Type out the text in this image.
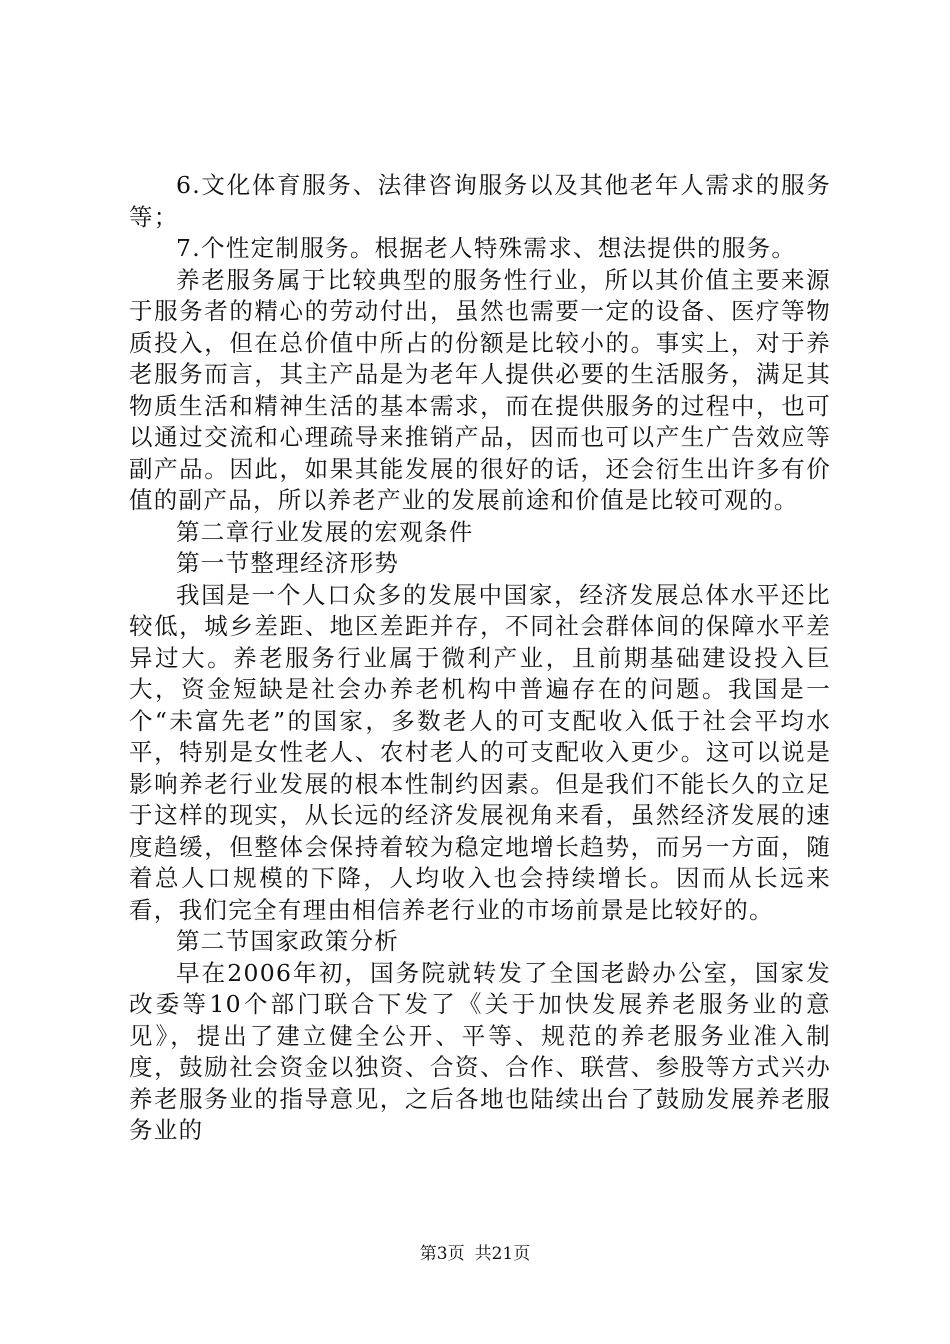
6.文化体育服务、法律咨询服务以及其他老年人需求的服务等；

7.个性定制服务。根据老人特殊需求、想法提供的服务。

养老服务属于比较典型的服务性行业，所以其价值主要来源于服务者的精心的劳动付出，虽然也需要一定的设备、医疗等物质投入，但在总价值中所占的份额是比较小的。事实上，对于养老服务而言，其主产品是为老年人提供必要的生活服务，满足其物质生活和精神生活的基本需求，而在提供服务的过程中，也可以通过交流和心理疏导来推销产品，因而也可以产生广告效应等副产品。因此，如果其能发展的很好的话，还会衍生出许多有价值的副产品，所以养老产业的发展前途和价值是比较可观的。

第二章行业发展的宏观条件

第一节整理经济形势

我国是一个人口众多的发展中国家，经济发展总体水平还比较低，城乡差距、地区差距并存，不同社会群体间的保障水平差异过大。养老服务行业属于微利产业，且前期基础建设投入巨大，资金短缺是社会办养老机构中普遍存在的问题。我国是一个“未富先老”的国家，多数老人的可支配收入低于社会平均水平，特别是女性老人、农村老人的可支配收入更少。这可以说是影响养老行业发展的根本性制约因素。但是我们不能长久的立足于这样的现实，从长远的经济发展视角来看，虽然经济发展的速度趋缓，但整体会保持着较为稳定地增长趋势，而另一方面，随着总人口规模的下降，人均收入也会持续增长。因而从长远来看，我们完全有理由相信养老行业的市场前景是比较好的。

第二节国家政策分析

早在2006年初，国务院就转发了全国老龄办公室，国家发改委等10个部门联合下发了《关于加快发展养老服务业的意见》，提出了建立健全公开、平等、规范的养老服务业准入制度，鼓励社会资金以独资、合资、合作、联营、参股等方式兴办养老服务业的指导意见，之后各地也陆续出台了鼓励发展养老服务业的

第3页 共21页
